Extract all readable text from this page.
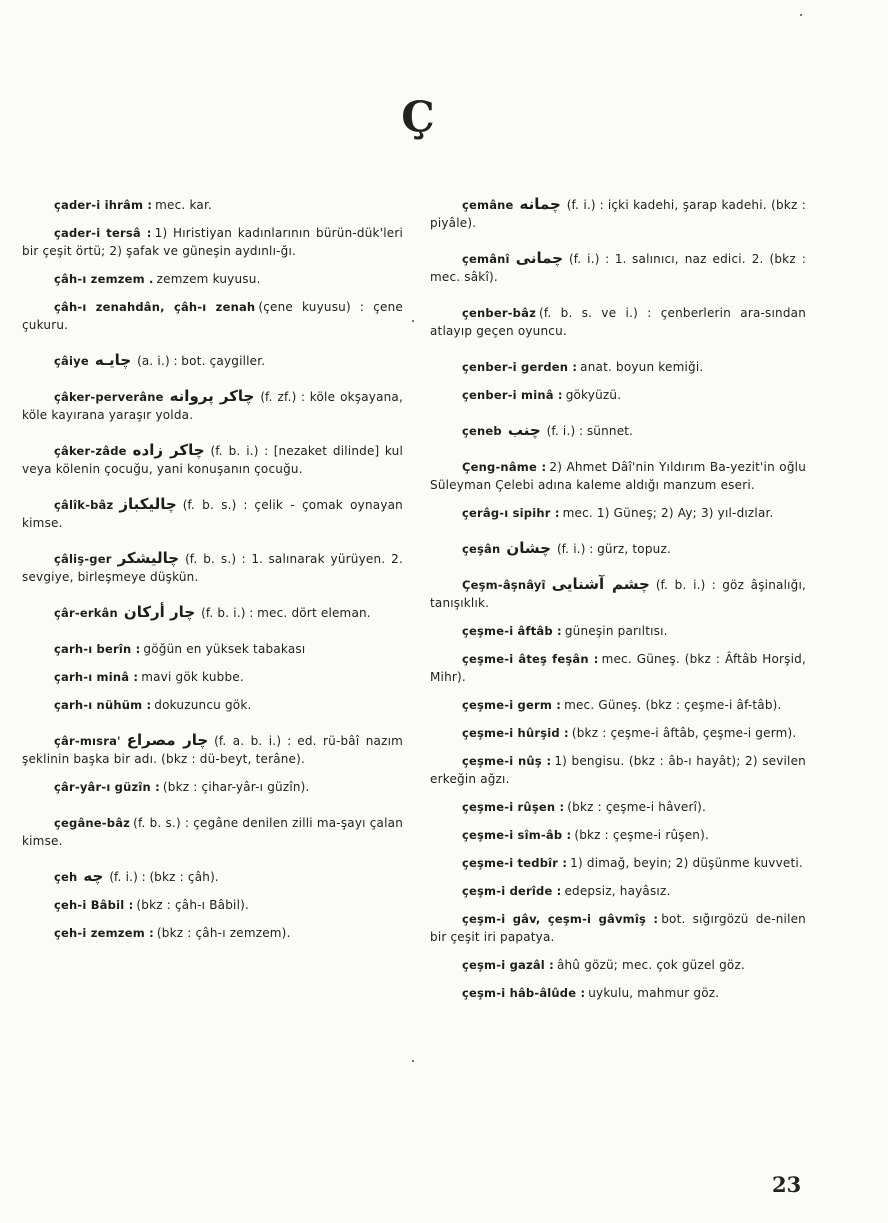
Ç

çader-i ihrâm : mec. kar.

çader-i tersâ : 1) Hıristiyan kadınlarının bürün-dük'leri bir çeşit örtü; 2) şafak ve güneşin aydınlı-ğı.

çâh-ı zemzem . zemzem kuyusu.

çâh-ı zenahdân, çâh-ı zenah (çene kuyusu) : çene çukuru.

çâiye چايـه (a. i.) : bot. çaygiller.

çâker-perverâne چاكر پروانه (f. zf.) : köle okşayana, köle kayırana yaraşır yolda.

çâker-zâde چاكر زاده (f. b. i.) : [nezaket dilinde] kul veya kölenin çocuğu, yani konuşanın çocuğu.

çâlîk-bâz چاليكباز (f. b. s.) : çelik - çomak oynayan kimse.

çâliş-ger چاليشكر (f. b. s.) : 1. salınarak yürüyen. 2. sevgiye, birleşmeye düşkün.

çâr-erkân چار أركان (f. b. i.) : mec. dört eleman.

çarh-ı berîn : göğün en yüksek tabakası

çarh-ı minâ : mavi gök kubbe.

çarh-ı nühüm : dokuzuncu gök.

çâr-mısra' چار مصراع (f. a. b. i.) : ed. rü-bâî nazım şeklinin başka bir adı. (bkz : dü-beyt, terâne).

çâr-yâr-ı güzîn : (bkz : çihar-yâr-ı güzîn).

çegâne-bâz (f. b. s.) : çegâne denilen zilli ma-şayı çalan kimse.

çeh چه (f. i.) : (bkz : çâh).

çeh-i Bâbil : (bkz : çâh-ı Bâbil).

çeh-i zemzem : (bkz : çâh-ı zemzem).

çemâne چمانه (f. i.) : içki kadehi, şarap kadehi. (bkz : piyâle).

çemânî چمانى (f. i.) : 1. salınıcı, naz edici. 2. (bkz : mec. sâkî).

çenber-bâz (f. b. s. ve i.) : çenberlerin ara-sından atlayıp geçen oyuncu.

çenber-i gerden : anat. boyun kemiği.

çenber-i minâ : gökyüzü.

çeneb چنب (f. i.) : sünnet.

Çeng-nâme : 2) Ahmet Dâî'nin Yıldırım Ba-yezit'in oğlu Süleyman Çelebi adına kaleme aldığı manzum eseri.

çerâg-ı sipihr : mec. 1) Güneş; 2) Ay; 3) yıl-dızlar.

çeşân چشان (f. i.) : gürz, topuz.

Çeşm-âşnâyî چشم آشنايى (f. b. i.) : göz âşinalığı, tanışıklık.

çeşme-i âftâb : güneşin parıltısı.

çeşme-i âteş feşân : mec. Güneş. (bkz : Âftâb Horşid, Mihr).

çeşme-i germ : mec. Güneş. (bkz : çeşme-i âf-tâb).

çeşme-i hûrşid : (bkz : çeşme-i âftâb, çeşme-i germ).

çeşme-i nûş : 1) bengisu. (bkz : âb-ı hayât); 2) sevilen erkeğin ağzı.

çeşme-i rûşen : (bkz : çeşme-i hâverî).

çeşme-i sîm-âb : (bkz : çeşme-i rûşen).

çeşme-i tedbîr : 1) dimağ, beyin; 2) düşünme kuvveti.

çeşm-i derîde : edepsiz, hayâsız.

çeşm-i gâv, çeşm-i gâvmîş : bot. sığırgözü de-nilen bir çeşit iri papatya.

çeşm-i gazâl : âhû gözü; mec. çok güzel göz.

çeşm-i hâb-âlûde : uykulu, mahmur göz.

23
